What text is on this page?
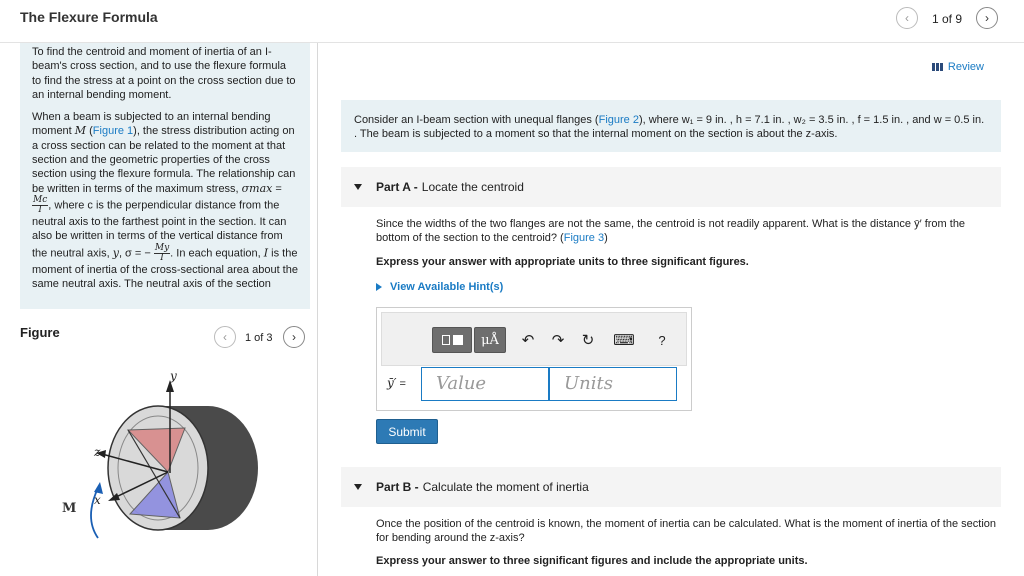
The Flexure Formula	‹ 1 of 9 ›

To find the centroid and moment of inertia of an I-beam's cross section, and to use the flexure formula to find the stress at a point on the cross section due to an internal bending moment.

When a beam is subjected to an internal bending moment M (Figure 1), the stress distribution acting on a cross section can be related to the moment at that section and the geometric properties of the cross section using the flexure formula. The relationship can be written in terms of the maximum stress, σmax =
$\frac{Mc}{I}$ , where c is the perpendicular distance from the neutral axis to the farthest point in the section. It can also be written in terms of the vertical distance from the neutral axis, y, σ = − $\frac{My}{I}$ . In each equation, I is the moment of inertia of the cross-sectional area about the same neutral axis. The neutral axis of the section

Figure	‹ 1 of 3 ›
y
z
x
M
Review
Consider an I-beam section with unequal flanges (Figure 2), where w₁ = 9 in. , h = 7.1 in. , w₂ = 3.5 in. , f = 1.5 in. , and w = 0.5 in. . The beam is subjected to a moment so that the internal moment on the section is about the z-axis.
Part A - Locate the centroid
Since the widths of the two flanges are not the same, the centroid is not readily apparent. What is the distance ȳ′ from the bottom of the section to the centroid? (Figure 3)
Express your answer with appropriate units to three significant figures.
View Available Hint(s)
μÅ	↶	↷	↻	⌨	?
ȳ′ =	Value	Units
Submit
Part B - Calculate the moment of inertia
Once the position of the centroid is known, the moment of inertia can be calculated. What is the moment of inertia of the section for bending around the z-axis?
Express your answer to three significant figures and include the appropriate units.
